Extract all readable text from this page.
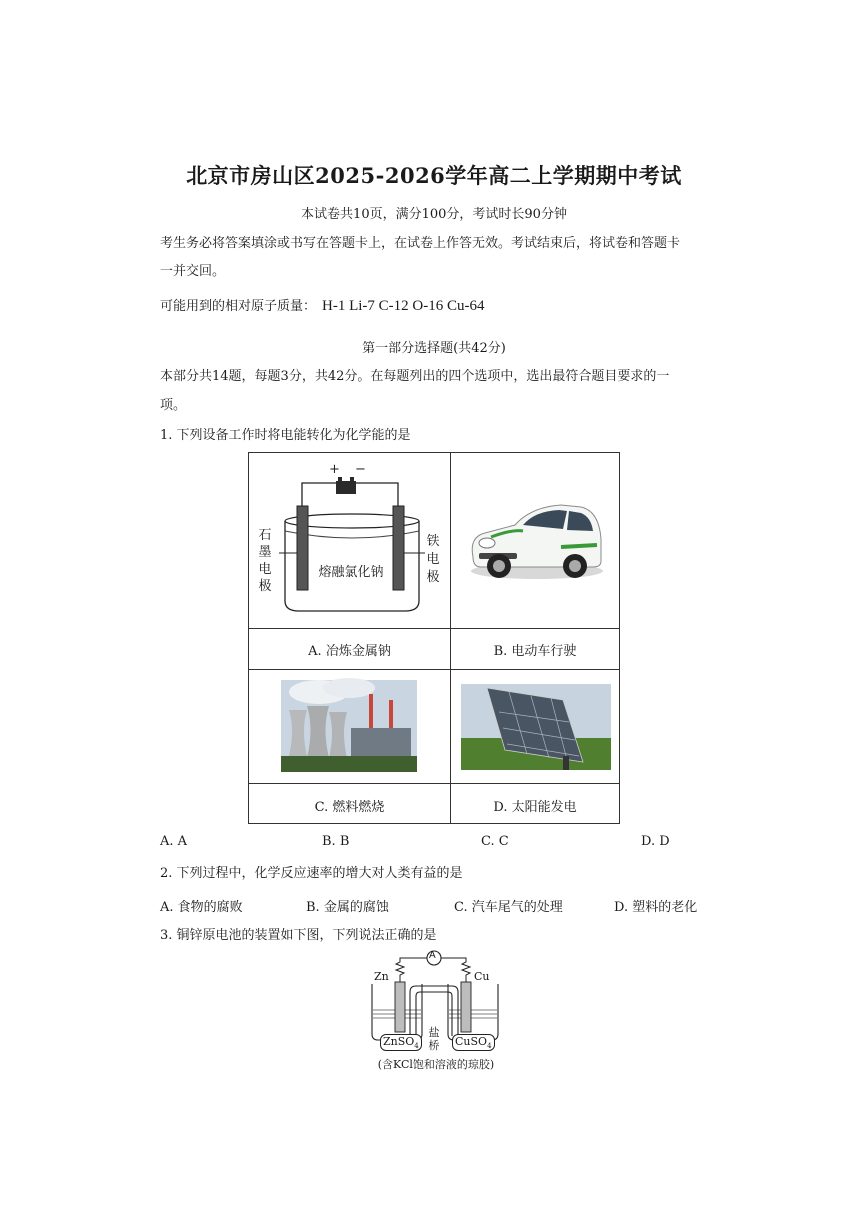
北京市房山区2025-2026学年高二上学期期中考试
本试卷共10页，满分100分，考试时长90分钟
考生务必将答案填涂或书写在答题卡上，在试卷上作答无效。考试结束后，将试卷和答题卡
一并交回。
可能用到的相对原子质量： H-1 Li-7 C-12 O-16 Cu-64
第一部分选择题(共42分)
本部分共14题，每题3分，共42分。在每题列出的四个选项中，选出最符合题目要求的一
项。
1. 下列设备工作时将电能转化为化学能的是
+ −
熔融氯化钠
石
墨
电
极
铁
电
极
A. 冶炼金属钠	B. 电动车行驶
C. 燃料燃烧	D. 太阳能发电
A. A	B. B	C. C	D. D
2. 下列过程中，化学反应速率的增大对人类有益的是
A. 食物的腐败	B. 金属的腐蚀	C. 汽车尾气的处理	D. 塑料的老化
3. 铜锌原电池的装置如下图，下列说法正确的是
A
Zn	Cu
ZnSO$_4$	CuSO$_4$
盐
桥
(含KCl饱和溶液的琼胶)
